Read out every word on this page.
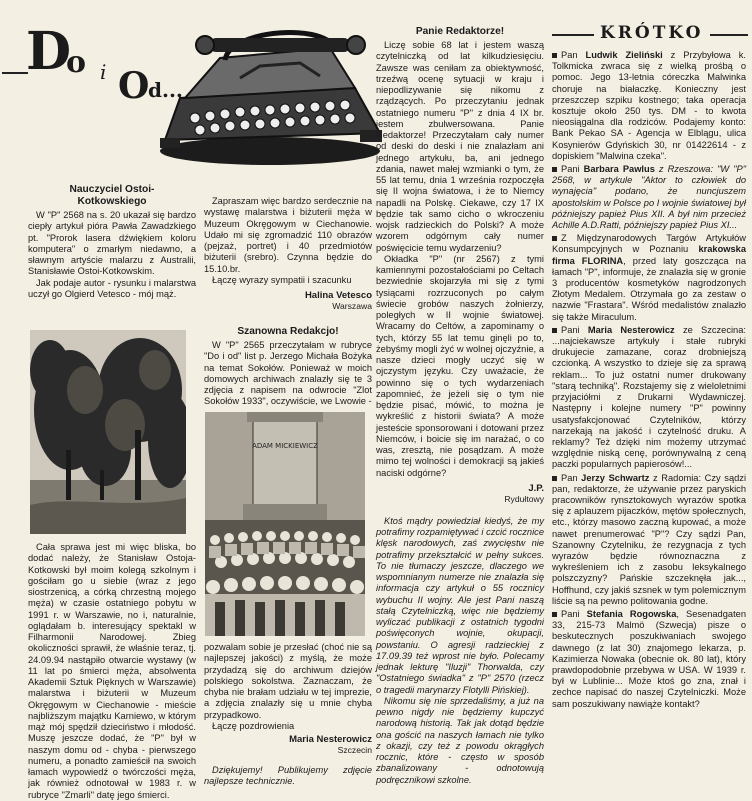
D
o i O
d...
KRÓTKO
Nauczyciel Ostoi-Kotkowskiego

W "P" 2568 na s. 20 ukazał się bardzo ciepły artykuł pióra Pawła Zawadzkiego pt. "Prorok lasera dźwiękiem koloru komputera" o zmarłym niedawno, a sławnym artyście malarzu z Australii, Stanisławie Ostoi-Kotkowskim.

Jak podaje autor - rysunku i malarstwa uczył go Olgierd Vetesco - mój mąż.

Cała sprawa jest mi więc bliska, bo dodać należy, że Stanisław Ostoja-Kotkowski był moim kolegą szkolnym i gościłam go u siebie (wraz z jego siostrzenicą, a córką chrzestną mojego męża) w czasie ostatniego pobytu w 1991 r. w Warszawie, no i, naturalnie, oglądałam b. interesujący spektakl w Filharmonii Narodowej. Zbieg okoliczności sprawił, że właśnie teraz, tj. 24.09.94 nastąpiło otwarcie wystawy (w 11 lat po śmierci męża, absolwenta Akademii Sztuk Pięknych w Warszawie) malarstwa i biżuterii w Muzeum Okręgowym w Ciechanowie - mieście najbliższym majątku Karniewo, w którym mąż mój spędził dzieciństwo i młodość. Muszę jeszcze dodać, że "P" był w naszym domu od - chyba - pierwszego numeru, a ponadto zamieścił na swoich łamach wypowiedź o twórczości męża, jak również odnotował w 1983 r. w rubryce "Zmarli" datę jego śmierci.

Zapraszam więc bardzo serdecznie na wystawę malarstwa i biżuterii męża w Muzeum Okręgowym w Ciechanowie. Udało mi się zgromadzić 110 obrazów (pejzaż, portret) i 40 przedmiotów biżuterii (srebro). Czynna będzie do 15.10.br.

Łączę wyrazy sympatii i szacunku

Halina Vetesco
Warszawa
Szanowna Redakcjo!

W "P" 2565 przeczytałam w rubryce "Do i od" list p. Jerzego Michała Bożyka na temat Sokołów. Ponieważ w moich domowych archiwach znalazły się te 3 zdjęcia z napisem na odwrocie "Zlot Sokołów 1933", oczywiście, we Lwowie -

ADAM MICKIEWICZ

pozwalam sobie je przesłać (choć nie są najlepszej jakości) z myślą, że może przydadzą się do archiwum dziejów polskiego sokolstwa. Zaznaczam, że chyba nie brałam udziału w tej imprezie, a zdjęcia znalazły się u mnie chyba przypadkowo.

Łączę pozdrowienia

Maria Nesterowicz
Szczecin

Dziękujemy! Publikujemy zdjęcie najlepsze technicznie.

Panie Redaktorze!

Liczę sobie 68 lat i jestem waszą czytelniczką od lat kilkudziesięciu. Zawsze was ceniłam za obiektywność, trzeźwą ocenę sytuacji w kraju i niepodlizywanie się nikomu z rządzących. Po przeczytaniu jednak ostatniego numeru "P" z dnia 4 IX br. jestem zbulwersowana. Panie Redaktorze! Przeczytałam cały numer od deski do deski i nie znalazłam ani jednego artykułu, ba, ani jednego zdania, nawet małej wzmianki o tym, że 55 lat temu, dnia 1 września rozpoczęła się II wojna światowa, i że to Niemcy napadli na Polskę. Ciekawe, czy 17 IX będzie tak samo cicho o wkroczeniu wojsk radzieckich do Polski? A może wzorem odgórnym cały numer poświęcicie temu wydarzeniu?

Okładka "P" (nr 2567) z tymi kamiennymi pozostałościami po Celtach bezwiednie skojarzyła mi się z tymi tysiącami rozrzuconych po całym świecie grobów naszych żołnierzy, poległych w II wojnie światowej. Wracamy do Celtów, a zapominamy o tych, którzy 55 lat temu ginęli po to, żebyśmy mogli żyć w wolnej ojczyźnie, a nasze dzieci mogły uczyć się w ojczystym języku. Czy uważacie, że powinno się o tych wydarzeniach zapomnieć, że jeżeli się o tym nie będzie pisać, mówić, to można je wykreślić z historii świata? A może jesteście sponsorowani i dotowani przez Niemców, i boicie się im narażać, o co was, zresztą, nie posądzam. A może mimo tej wolności i demokracji są jakieś naciski odgórne?

J.P.
Rydułtowy

Ktoś mądry powiedział kiedyś, że my potrafimy rozpamiętywać i czcić rocznice klęsk narodowych, zaś zwycięstw nie potrafimy przekształcić w pełny sukces. To nie tłumaczy jeszcze, dlaczego we wspomnianym numerze nie znalazła się informacja czy artykuł o 55 rocznicy wybuchu II wojny. Ale jest Pani naszą stałą Czytelniczką, więc nie będziemy wyliczać publikacji z ostatnich tygodni poświęconych wojnie, okupacji, powstaniu. O agresji radzieckiej z 17.09.39 też wprost nie było. Polecamy jednak lekturę "Iluzji" Thorwalda, czy "Ostatniego świadka" z "P" 2570 (rzecz o tragedii marynarzy Flotylli Pińskiej).

Nikomu się nie sprzedaliśmy, a już na pewno nigdy nie będziemy kupczyć narodową historią. Tak jak dotąd będzie ona gościć na naszych łamach nie tylko z okazji, czy też z powodu okrągłych rocznic, które - często w sposób zbanalizowany - odnotowują podręcznikowi szkolne.

Pan Ludwik Zieliński z Przybyłowa k. Tolkmicka zwraca się z wielką prośbą o pomoc. Jego 13-letnia córeczka Malwinka choruje na białaczkę. Konieczny jest przeszczep szpiku kostnego; taka operacja kosztuje około 250 tys. DM - to kwota nieosiągalna dla rodziców. Podajemy konto: Bank Pekao SA - Agencja w Elblągu, ulica Kosynierów Gdyńskich 30, nr 01422614 - z dopiskiem "Malwina czeka".

Pani Barbara Pawlus z Rzeszowa: "W "P" 2568, w artykule "Aktor to człowiek do wynajęcia" podano, że nuncjuszem apostolskim w Polsce po I wojnie światowej był późniejszy papież Pius XII. A był nim przecież Achille A.D.Ratti, późniejszy papież Pius XI...

Z Międzynarodowych Targów Artykułów Konsumpcyjnych w Poznaniu krakowska firma FLORINA, przed laty goszcząca na łamach "P", informuje, że znalazła się w gronie 3 producentów kosmetyków nagrodzonych Złotym Medalem. Otrzymała go za zestaw o nazwie "Frastara". Wśród medalistów znalazło się także Miraculum.

Pani Maria Nesterowicz ze Szczecina: ...najciekawsze artykuły i stałe rubryki drukujecie zamazane, coraz drobniejszą czcionką. A wszystko to dzieje się za sprawą reklam... To już ostatni numer drukowany "starą techniką". Rozstajemy się z wieloletnimi przyjaciółmi z Drukarni Wydawniczej. Następny i kolejne numery "P" powinny usatysfakcjonować Czytelników, którzy narzekają na jakość i czytelność druku. A reklamy? Też dzięki nim możemy utrzymać względnie niską cenę, porównywalną z ceną paczki popularnych papierosów!...

Pan Jerzy Schwartz z Radomia: Czy sądzi pan, redaktorze, że używanie przez paryskich pracowników rynsztokowych wyrazów spotka się z aplauzem pijaczków, mętów społecznych, etc., którzy masowo zaczną kupować, a może nawet prenumerować "P"? Czy sądzi Pan, Szanowny Czytelniku, że rezygnacja z tych wyrazów będzie równoznaczna z wykreśleniem ich z zasobu leksykalnego polszczyzny? Pańskie szczeknęła jak..., Hoffhund, czy jakiś szsnek w tym polemicznym liście są na pewno politowania godne.

Pani Stefania Rogowska, Sesenadgaten 33, 215-73 Malmö (Szwecja) pisze o beskutecznych poszukiwaniach swojego dawnego (z lat 30) znajomego lekarza, p. Kazimierza Nowaka (obecnie ok. 80 lat), który prawdopodobnie przebywa w USA. W 1939 r. był w Lublinie... Może ktoś go zna, znał i zechce napisać do naszej Czytelniczki. Może sam poszukiwany nawiąże kontakt?
